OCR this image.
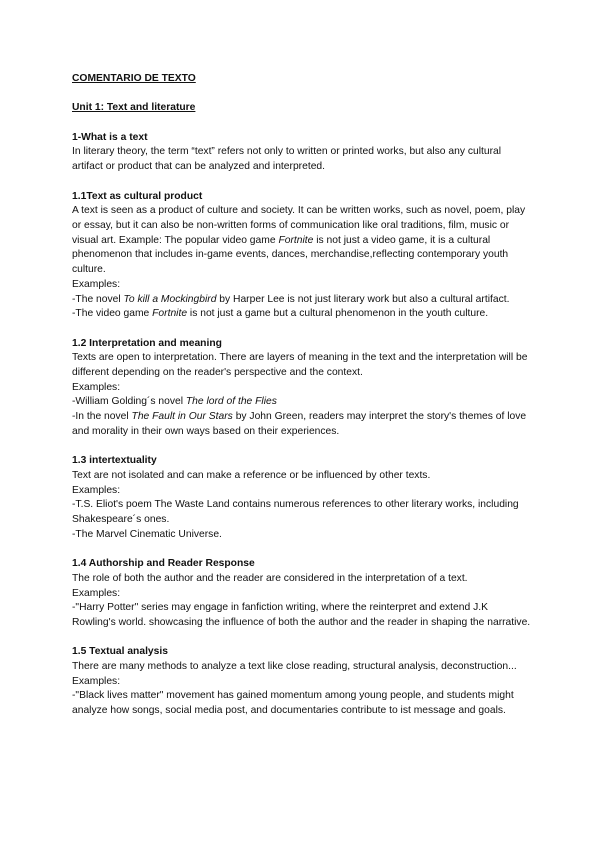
COMENTARIO DE TEXTO

Unit 1: Text and literature

1-What is a text

In literary theory, the term “text” refers not only to written or printed works, but also any cultural artifact or product that can be analyzed and interpreted.

1.1Text as cultural product

A text is seen as a product of culture and society. It can be written works, such as novel, poem, play or essay, but it can also be non-written forms of communication like oral traditions, film, music or visual art. Example: The popular video game Fortnite is not just a video game, it is a cultural phenomenon that includes in-game events, dances, merchandise,reflecting contemporary youth culture.

Examples:

-The novel To kill a Mockingbird by Harper Lee is not just literary work but also a cultural artifact.

-The video game Fortnite is not just a game but a cultural phenomenon in the youth culture.

1.2 Interpretation and meaning

Texts are open to interpretation. There are layers of meaning in the text and the interpretation will be different depending on the reader's perspective and the context.

Examples:

-William Golding´s novel The lord of the Flies

-In the novel The Fault in Our Stars by John Green, readers may interpret the story's themes of love and morality in their own ways based on their experiences.

1.3 intertextuality

Text are not isolated and can make a reference or be influenced by other texts.

Examples:

-T.S. Eliot's poem The Waste Land contains numerous references to other literary works, including Shakespeare´s ones.

-The Marvel Cinematic Universe.

1.4 Authorship and Reader Response

The role of both the author and the reader are considered in the interpretation of a text.

Examples:

-"Harry Potter" series may engage in fanfiction writing, where the reinterpret and extend J.K Rowling's world. showcasing the influence of both the author and the reader in shaping the narrative.

1.5 Textual analysis

There are many methods to analyze a text like close reading, structural analysis, deconstruction...

Examples:

-"Black lives matter" movement has gained momentum among young people, and students might analyze how songs, social media post, and documentaries contribute to ist message and goals.
